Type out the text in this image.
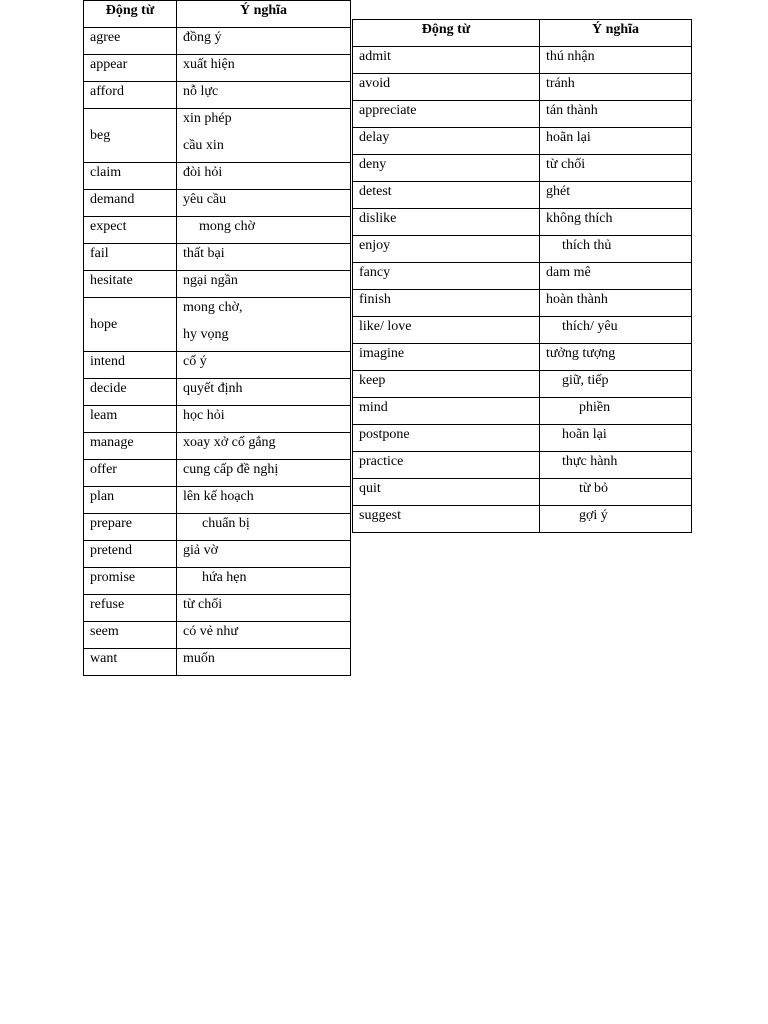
Động từ	Ý nghĩa
agree	đồng ý
appear	xuất hiện
afford	nỗ lực
beg	xin phép
cầu xin

claim	đòi hỏi
demand	yêu cầu
expect	mong chờ
fail	thất bại
hesitate	ngại ngần
hope	mong chờ,
hy vọng

intend	cố ý
decide	quyết định
leam	học hỏi
manage	xoay xở cố gắng
offer	cung cấp đề nghị
plan	lên kế hoạch
prepare	chuẩn bị
pretend	giả vờ
promise	hứa hẹn
refuse	từ chối
seem	có vẻ như
want	muốn
Động từ	Ý nghĩa
admit	thú nhận
avoid	tránh
appreciate	tán thành
delay	hoãn lại
deny	từ chối
detest	ghét
dislike	không thích
enjoy	thích thủ
fancy	dam mê
finish	hoàn thành
like/ love	thích/ yêu
imagine	tưởng tượng
keep	giữ, tiếp
mind	phiền
postpone	hoãn lại
practice	thực hành
quit	từ bỏ
suggest	gợi ý
